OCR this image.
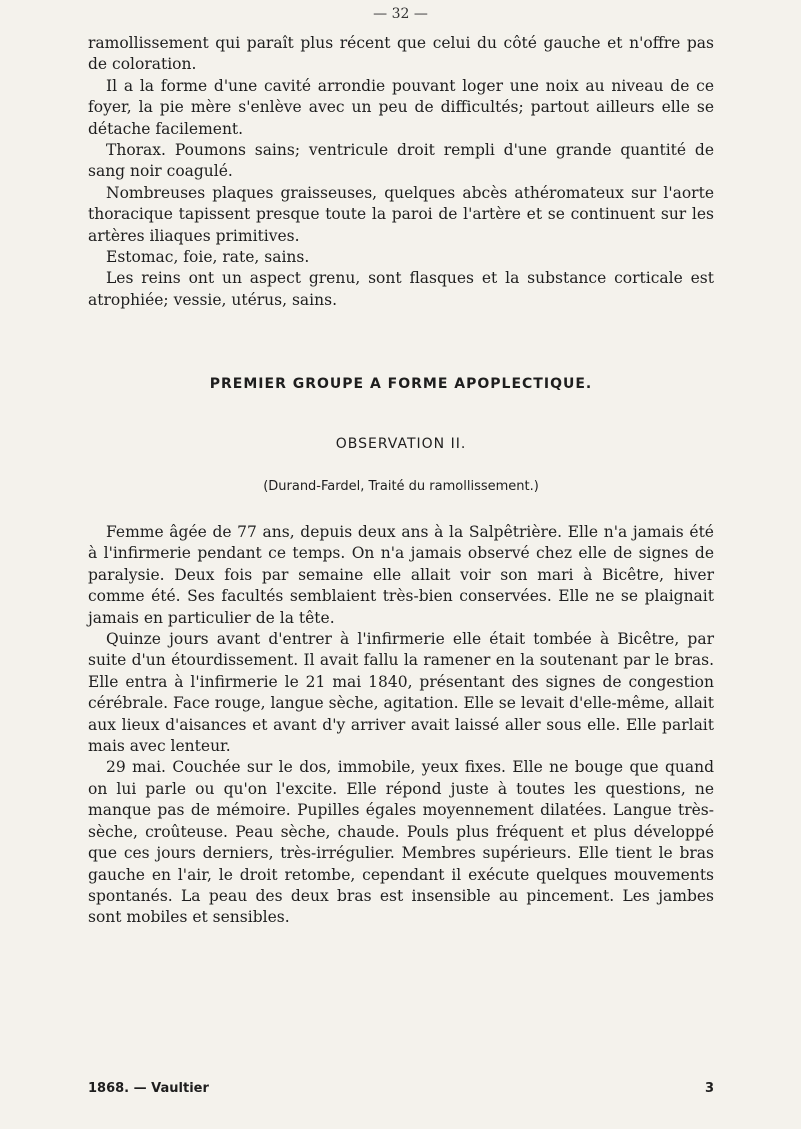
— 32 —

ramollissement qui paraît plus récent que celui du côté gauche et n'offre pas de coloration.

Il a la forme d'une cavité arrondie pouvant loger une noix au niveau de ce foyer, la pie mère s'enlève avec un peu de difficultés; partout ailleurs elle se détache facilement.

Thorax. Poumons sains; ventricule droit rempli d'une grande quantité de sang noir coagulé.

Nombreuses plaques graisseuses, quelques abcès athéromateux sur l'aorte thoracique tapissent presque toute la paroi de l'artère et se continuent sur les artères iliaques primitives.

Estomac, foie, rate, sains.

Les reins ont un aspect grenu, sont flasques et la substance corticale est atrophiée; vessie, utérus, sains.

PREMIER GROUPE A FORME APOPLECTIQUE.
OBSERVATION II.
(Durand-Fardel, Traité du ramollissement.)

Femme âgée de 77 ans, depuis deux ans à la Salpêtrière. Elle n'a jamais été à l'infirmerie pendant ce temps. On n'a jamais observé chez elle de signes de paralysie. Deux fois par semaine elle allait voir son mari à Bicêtre, hiver comme été. Ses facultés semblaient très-bien conservées. Elle ne se plaignait jamais en particulier de la tête.

Quinze jours avant d'entrer à l'infirmerie elle était tombée à Bicêtre, par suite d'un étourdissement. Il avait fallu la ramener en la soutenant par le bras. Elle entra à l'infirmerie le 21 mai 1840, présentant des signes de congestion cérébrale. Face rouge, langue sèche, agitation. Elle se levait d'elle-même, allait aux lieux d'aisances et avant d'y arriver avait laissé aller sous elle. Elle parlait mais avec lenteur.

29 mai. Couchée sur le dos, immobile, yeux fixes. Elle ne bouge que quand on lui parle ou qu'on l'excite. Elle répond juste à toutes les questions, ne manque pas de mémoire. Pupilles égales moyennement dilatées. Langue très-sèche, croûteuse. Peau sèche, chaude. Pouls plus fréquent et plus développé que ces jours derniers, très-irrégulier. Membres supérieurs. Elle tient le bras gauche en l'air, le droit retombe, cependant il exécute quelques mouvements spontanés. La peau des deux bras est insensible au pincement. Les jambes sont mobiles et sensibles.

1868. — Vaultier	3
